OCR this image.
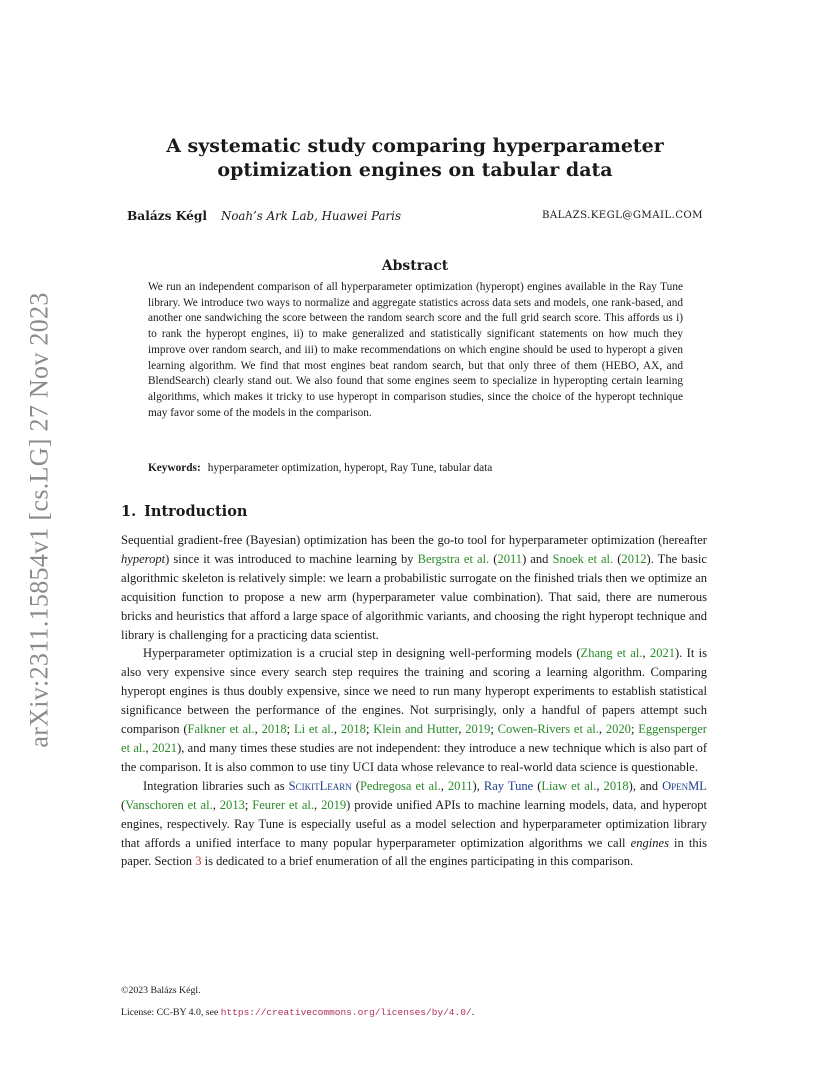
arXiv:2311.15854v1 [cs.LG] 27 Nov 2023
A systematic study comparing hyperparameter optimization engines on tabular data
Balázs Kégl Noah’s Ark Lab, Huawei Paris	BALAZS.KEGL@GMAIL.COM
Abstract

We run an independent comparison of all hyperparameter optimization (hyperopt) engines available in the Ray Tune library. We introduce two ways to normalize and aggregate statistics across data sets and models, one rank-based, and another one sandwiching the score between the random search score and the full grid search score. This affords us i) to rank the hyperopt engines, ii) to make generalized and statistically significant statements on how much they improve over random search, and iii) to make recommendations on which engine should be used to hyperopt a given learning algorithm. We find that most engines beat random search, but that only three of them (HEBO, AX, and BlendSearch) clearly stand out. We also found that some engines seem to specialize in hyperopting certain learning algorithms, which makes it tricky to use hyperopt in comparison studies, since the choice of the hyperopt technique may favor some of the models in the comparison.

Keywords: hyperparameter optimization, hyperopt, Ray Tune, tabular data
1. Introduction

Sequential gradient-free (Bayesian) optimization has been the go-to tool for hyperparameter optimization (hereafter hyperopt) since it was introduced to machine learning by Bergstra et al. (2011) and Snoek et al. (2012). The basic algorithmic skeleton is relatively simple: we learn a probabilistic surrogate on the finished trials then we optimize an acquisition function to propose a new arm (hyperparameter value combination). That said, there are numerous bricks and heuristics that afford a large space of algorithmic variants, and choosing the right hyperopt technique and library is challenging for a practicing data scientist.

Hyperparameter optimization is a crucial step in designing well-performing models (Zhang et al., 2021). It is also very expensive since every search step requires the training and scoring a learning algorithm. Comparing hyperopt engines is thus doubly expensive, since we need to run many hyperopt experiments to establish statistical significance between the performance of the engines. Not surprisingly, only a handful of papers attempt such comparison (Falkner et al., 2018; Li et al., 2018; Klein and Hutter, 2019; Cowen-Rivers et al., 2020; Eggensperger et al., 2021), and many times these studies are not independent: they introduce a new technique which is also part of the comparison. It is also common to use tiny UCI data whose relevance to real-world data science is questionable.

Integration libraries such as ScikitLearn (Pedregosa et al., 2011), Ray Tune (Liaw et al., 2018), and OpenML (Vanschoren et al., 2013; Feurer et al., 2019) provide unified APIs to machine learning models, data, and hyperopt engines, respectively. Ray Tune is especially useful as a model selection and hyperparameter optimization library that affords a unified interface to many popular hyperparameter optimization algorithms we call engines in this paper. Section 3 is dedicated to a brief enumeration of all the engines participating in this comparison.

©2023 Balázs Kégl.
License: CC-BY 4.0, see https://creativecommons.org/licenses/by/4.0/.
